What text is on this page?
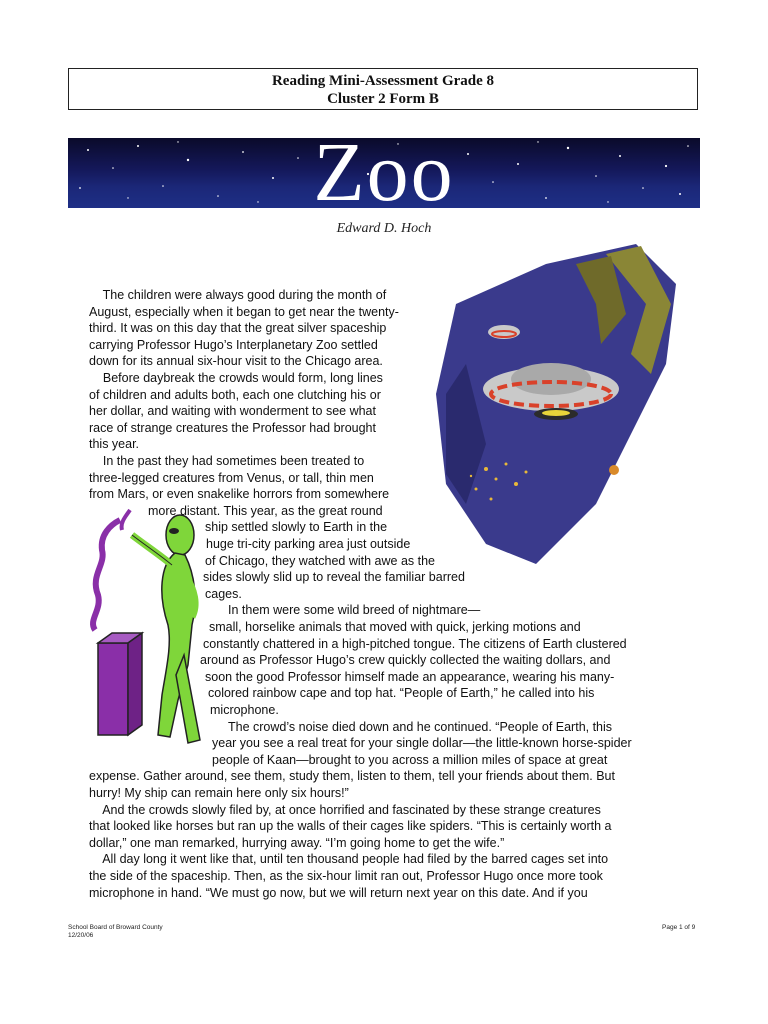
Reading Mini-Assessment Grade 8
Cluster 2 Form B
Zoo
Edward D. Hoch
The children were always good during the month of
August, especially when it began to get near the twenty-
third. It was on this day that the great silver spaceship
carrying Professor Hugo’s Interplanetary Zoo settled
down for its annual six-hour visit to the Chicago area.
Before daybreak the crowds would form, long lines
of children and adults both, each one clutching his or
her dollar, and waiting with wonderment to see what
race of strange creatures the Professor had brought
this year.
In the past they had sometimes been treated to
three-legged creatures from Venus, or tall, thin men
from Mars, or even snakelike horrors from somewhere
more distant. This year, as the great round
ship settled slowly to Earth in the
huge tri-city parking area just outside
of Chicago, they watched with awe as the
sides slowly slid up to reveal the familiar barred
cages.
In them were some wild breed of nightmare—
small, horselike animals that moved with quick, jerking motions and
constantly chattered in a high-pitched tongue. The citizens of Earth clustered
around as Professor Hugo’s crew quickly collected the waiting dollars, and
soon the good Professor himself made an appearance, wearing his many-
colored rainbow cape and top hat. “People of Earth,” he called into his
microphone.
The crowd’s noise died down and he continued. “People of Earth, this
year you see a real treat for your single dollar—the little-known horse-spider
people of Kaan—brought to you across a million miles of space at great
expense. Gather around, see them, study them, listen to them, tell your friends about them. But
hurry! My ship can remain here only six hours!”
And the crowds slowly filed by, at once horrified and fascinated by these strange creatures
that looked like horses but ran up the walls of their cages like spiders. “This is certainly worth a
dollar,” one man remarked, hurrying away. “I’m going home to get the wife.”
All day long it went like that, until ten thousand people had filed by the barred cages set into
the side of the spaceship. Then, as the six-hour limit ran out, Professor Hugo once more took
microphone in hand. “We must go now, but we will return next year on this date. And if you
School Board of Broward County
12/20/06
Page 1 of 9
